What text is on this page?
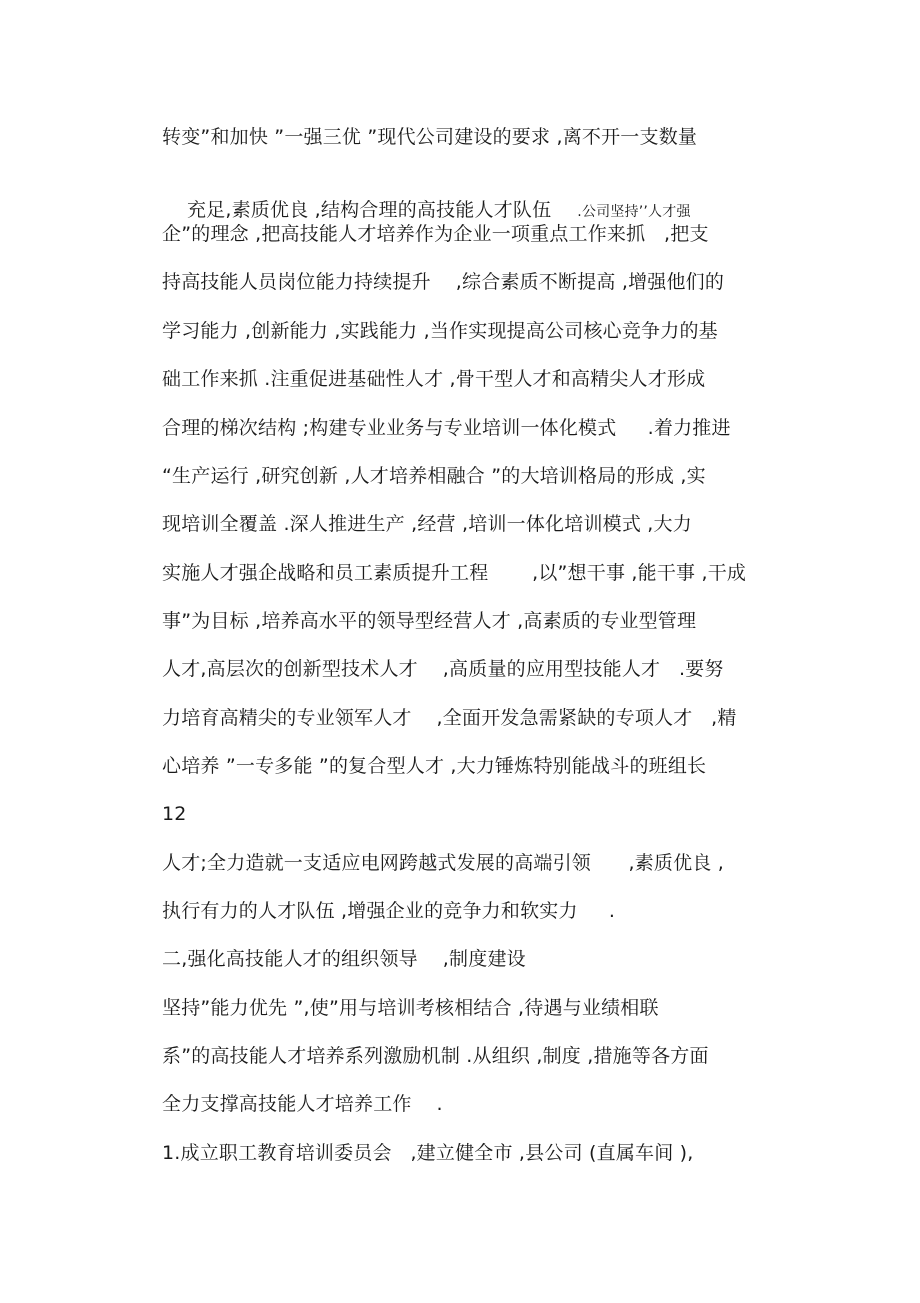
转变”和加快 ”一强三优 ”现代公司建设的要求 ,离不开一支数量

充足,素质优良 ,结构合理的高技能人才队伍 .公司坚持’’人才强

企”的理念 ,把高技能人才培养作为企业一项重点工作来抓   ,把支
持高技能人员岗位能力持续提升    ,综合素质不断提高 ,增强他们的
学习能力 ,创新能力 ,实践能力 ,当作实现提高公司核心竞争力的基
础工作来抓 .注重促进基础性人才 ,骨干型人才和高精尖人才形成
合理的梯次结构 ;构建专业业务与专业培训一体化模式     .着力推进
“生产运行 ,研究创新 ,人才培养相融合 ”的大培训格局的形成 ,实
现培训全覆盖 .深人推进生产 ,经营 ,培训一体化培训模式 ,大力
实施人才强企战略和员工素质提升工程       ,以”想干事 ,能干事 ,干成
事”为目标 ,培养高水平的领导型经营人才 ,高素质的专业型管理
人才,高层次的创新型技术人才    ,高质量的应用型技能人才   .要努
力培育高精尖的专业领军人才    ,全面开发急需紧缺的专项人才   ,精
心培养 ”一专多能 ”的复合型人才 ,大力锤炼特别能战斗的班组长
12
人才;全力造就一支适应电网跨越式发展的高端引领      ,素质优良 ,
执行有力的人才队伍 ,增强企业的竞争力和软实力     .
二,强化高技能人才的组织领导    ,制度建设
坚持”能力优先 ”,使”用与培训考核相结合 ,待遇与业绩相联
系”的高技能人才培养系列激励机制 .从组织 ,制度 ,措施等各方面
全力支撑高技能人才培养工作    .
1.成立职工教育培训委员会   ,建立健全市 ,县公司 (直属车间 ),
